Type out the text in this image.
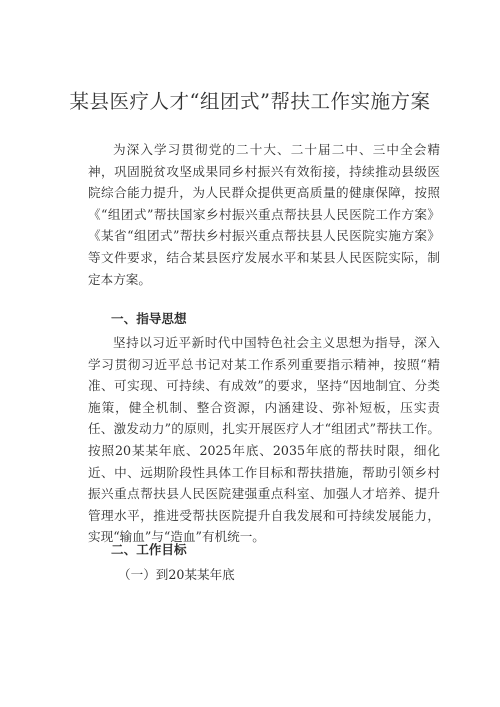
某县医疗人才“组团式”帮扶工作实施方案

为深入学习贯彻党的二十大、二十届二中、三中全会精神，巩固脱贫攻坚成果同乡村振兴有效衔接，持续推动县级医院综合能力提升，为人民群众提供更高质量的健康保障，按照《“组团式”帮扶国家乡村振兴重点帮扶县人民医院工作方案》《某省“组团式”帮扶乡村振兴重点帮扶县人民医院实施方案》等文件要求，结合某县医疗发展水平和某县人民医院实际，制定本方案。

一、指导思想

坚持以习近平新时代中国特色社会主义思想为指导，深入学习贯彻习近平总书记对某工作系列重要指示精神，按照“精准、可实现、可持续、有成效”的要求，坚持“因地制宜、分类施策，健全机制、整合资源，内涵建设、弥补短板，压实责任、激发动力”的原则，扎实开展医疗人才“组团式”帮扶工作。按照20某某年底、2025年底、2035年底的帮扶时限，细化近、中、远期阶段性具体工作目标和帮扶措施，帮助引领乡村振兴重点帮扶县人民医院建强重点科室、加强人才培养、提升管理水平，推进受帮扶医院提升自我发展和可持续发展能力，实现“输血”与“造血”有机统一。

二、工作目标

（一）到20某某年底
